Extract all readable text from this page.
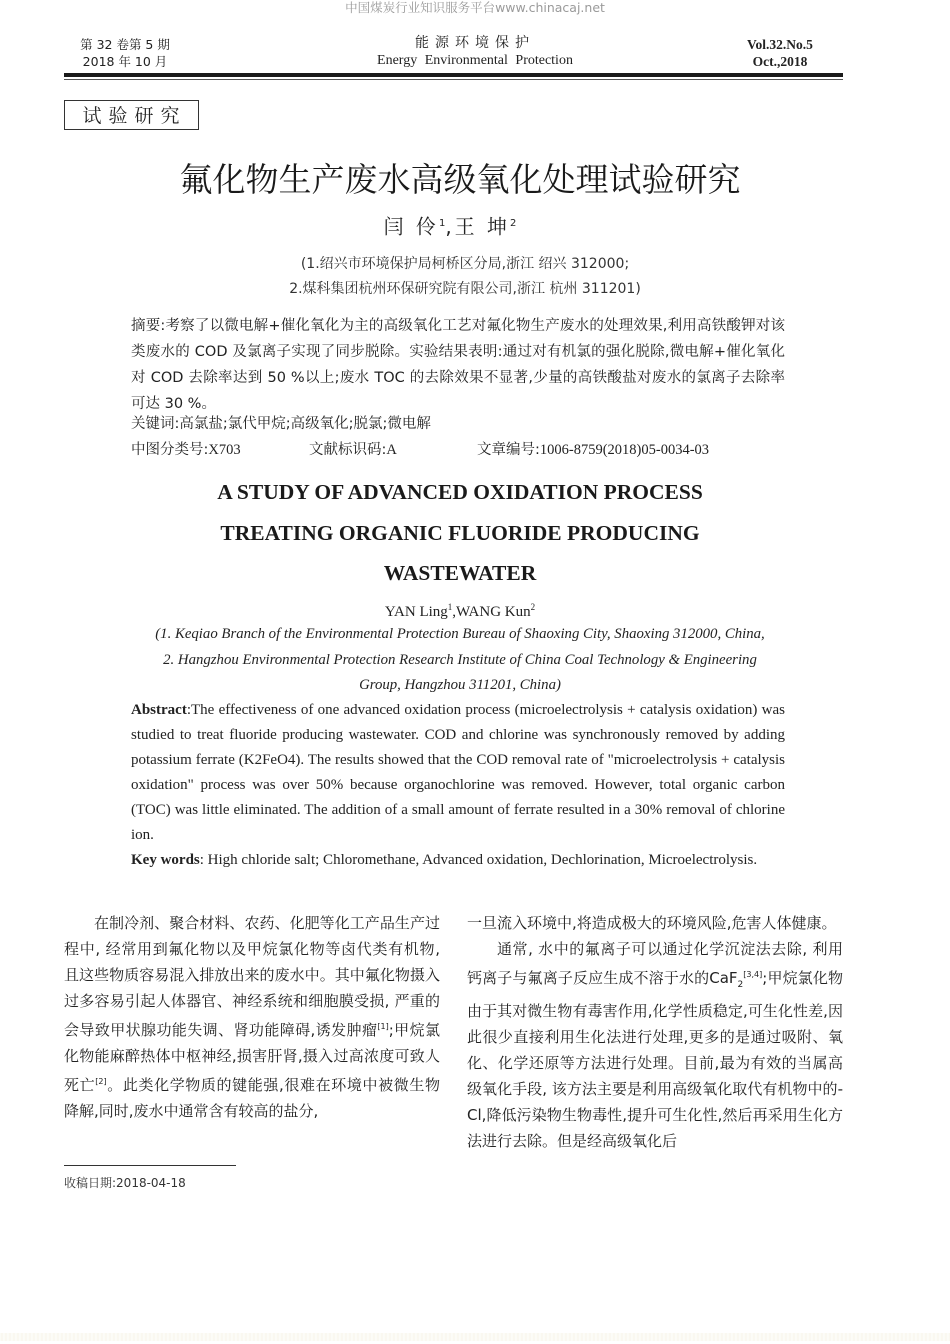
中国煤炭行业知识服务平台www.chinacaj.net
第 32 卷第 5 期
2018 年 10 月
能源环境保护
Energy Environmental Protection
Vol.32.No.5
Oct.,2018
试验研究
氟化物生产废水高级氧化处理试验研究
闫 伶$^1$,王 坤$^2$
(1.绍兴市环境保护局柯桥区分局,浙江 绍兴 312000;
2.煤科集团杭州环保研究院有限公司,浙江 杭州 311201)
摘要:考察了以微电解+催化氧化为主的高级氧化工艺对氟化物生产废水的处理效果,利用高铁酸钾对该类废水的 COD 及氯离子实现了同步脱除。实验结果表明:通过对有机氯的强化脱除,微电解+催化氧化对 COD 去除率达到 50 %以上;废水 TOC 的去除效果不显著,少量的高铁酸盐对废水的氯离子去除率可达 30 %。
关键词:高氯盐;氯代甲烷;高级氧化;脱氯;微电解
中图分类号:X703	文献标识码:A	文章编号:1006-8759(2018)05-0034-03
A STUDY OF ADVANCED OXIDATION PROCESS
TREATING ORGANIC FLUORIDE PRODUCING
WASTEWATER
YAN Ling$^1$,WANG Kun$^2$
(1. Keqiao Branch of the Environmental Protection Bureau of Shaoxing City, Shaoxing 312000, China, 2. Hangzhou Environmental Protection Research Institute of China Coal Technology & Engineering Group, Hangzhou 311201, China)
Abstract:The effectiveness of one advanced oxidation process (microelectrolysis + catalysis oxidation) was studied to treat fluoride producing wastewater. COD and chlorine was synchronously removed by adding potassium ferrate (K2FeO4). The results showed that the COD removal rate of "microelectrolysis + catalysis oxidation" process was over 50% because organochlorine was removed. However, total organic carbon (TOC) was little eliminated. The addition of a small amount of ferrate resulted in a 30% removal of chlorine ion.
Key words: High chloride salt; Chloromethane, Advanced oxidation, Dechlorination, Microelectrolysis.

在制冷剂、聚合材料、农药、化肥等化工产品生产过程中, 经常用到氟化物以及甲烷氯化物等卤代类有机物, 且这些物质容易混入排放出来的废水中。其中氟化物摄入过多容易引起人体器官、神经系统和细胞膜受损, 严重的会导致甲状腺功能失调、肾功能障碍,诱发肿瘤[1];甲烷氯化物能麻醉热体中枢神经,损害肝肾,摄入过高浓度可致人死亡[2]。此类化学物质的键能强,很难在环境中被微生物降解,同时,废水中通常含有较高的盐分,

一旦流入环境中,将造成极大的环境风险,危害人体健康。

通常, 水中的氟离子可以通过化学沉淀法去除, 利用钙离子与氟离子反应生成不溶于水的CaF$_2$[3,4];甲烷氯化物由于其对微生物有毒害作用,化学性质稳定,可生化性差,因此很少直接利用生化法进行处理,更多的是通过吸附、氧化、化学还原等方法进行处理。目前,最为有效的当属高级氧化手段, 该方法主要是利用高级氧化取代有机物中的-Cl,降低污染物生物毒性,提升可生化性,然后再采用生化方法进行去除。但是经高级氧化后

收稿日期:2018-04-18
